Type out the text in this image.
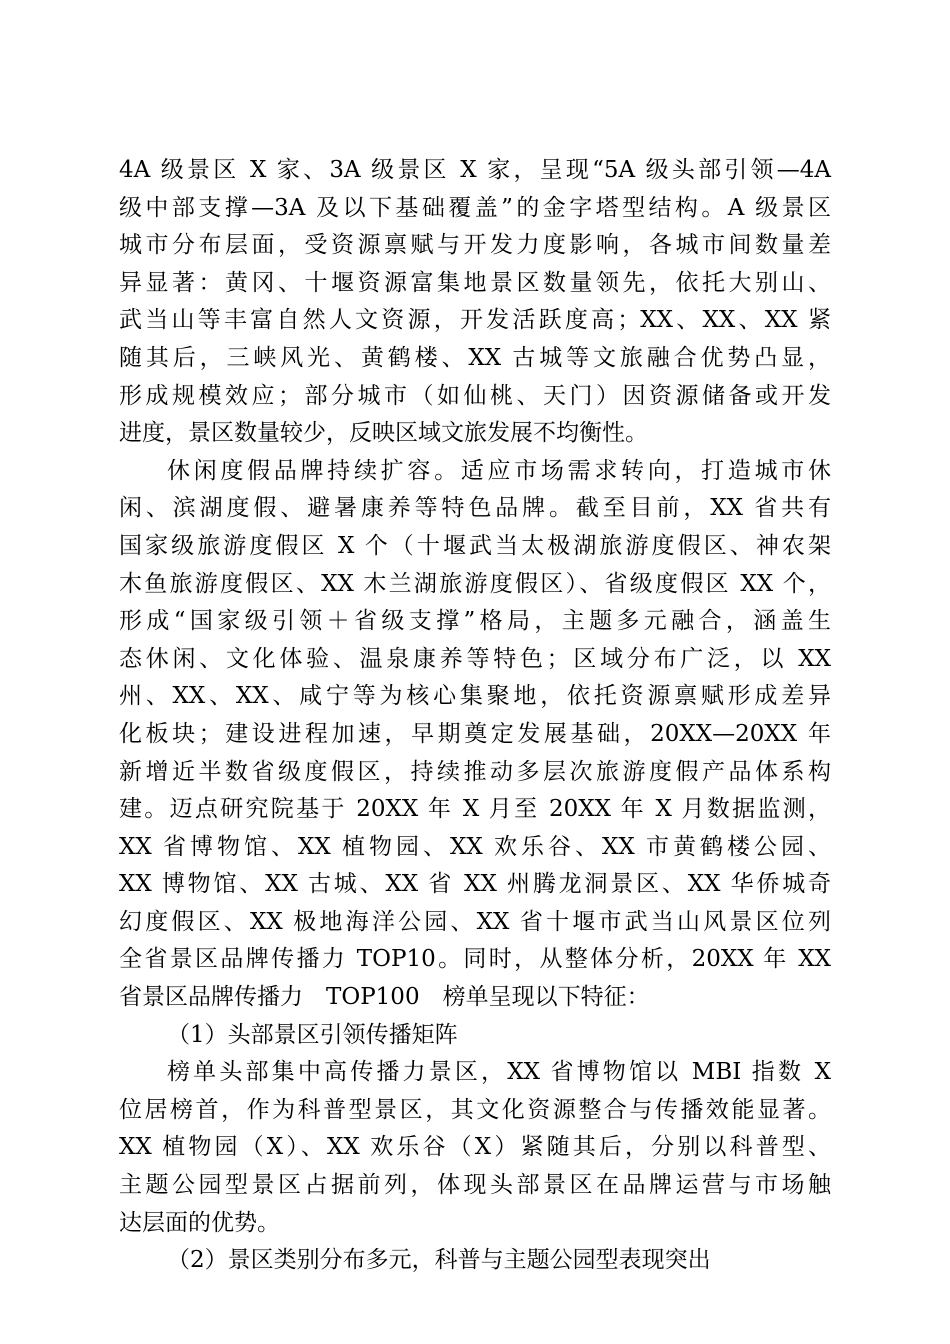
4A 级景区 X 家、3A 级景区 X 家，呈现“5A 级头部引领—4A
级中部支撑—3A 及以下基础覆盖”的金字塔型结构。A 级景区
城市分布层面，受资源禀赋与开发力度影响，各城市间数量差
异显著：黄冈、十堰资源富集地景区数量领先，依托大别山、
武当山等丰富自然人文资源，开发活跃度高；XX、XX、XX 紧
随其后，三峡风光、黄鹤楼、XX 古城等文旅融合优势凸显，
形成规模效应；部分城市（如仙桃、天门）因资源储备或开发
进度，景区数量较少，反映区域文旅发展不均衡性。
休闲度假品牌持续扩容。适应市场需求转向，打造城市休
闲、滨湖度假、避暑康养等特色品牌。截至目前，XX 省共有
国家级旅游度假区 X 个（十堰武当太极湖旅游度假区、神农架
木鱼旅游度假区、XX 木兰湖旅游度假区）、省级度假区 XX 个，
形成“国家级引领＋省级支撑”格局，主题多元融合，涵盖生
态休闲、文化体验、温泉康养等特色；区域分布广泛，以 XX
州、XX、XX、咸宁等为核心集聚地，依托资源禀赋形成差异
化板块；建设进程加速，早期奠定发展基础，20XX—20XX 年
新增近半数省级度假区，持续推动多层次旅游度假产品体系构
建。迈点研究院基于 20XX 年 X 月至 20XX 年 X 月数据监测，
XX 省博物馆、XX 植物园、XX 欢乐谷、XX 市黄鹤楼公园、
XX 博物馆、XX 古城、XX 省 XX 州腾龙洞景区、XX 华侨城奇
幻度假区、XX 极地海洋公园、XX 省十堰市武当山风景区位列
全省景区品牌传播力 TOP10。同时，从整体分析，20XX 年 XX
省景区品牌传播力　TOP100　榜单呈现以下特征：
（1）头部景区引领传播矩阵
榜单头部集中高传播力景区，XX 省博物馆以 MBI 指数 X
位居榜首，作为科普型景区，其文化资源整合与传播效能显著。
XX 植物园（X）、XX 欢乐谷（X）紧随其后，分别以科普型、
主题公园型景区占据前列，体现头部景区在品牌运营与市场触
达层面的优势。
（2）景区类别分布多元，科普与主题公园型表现突出
